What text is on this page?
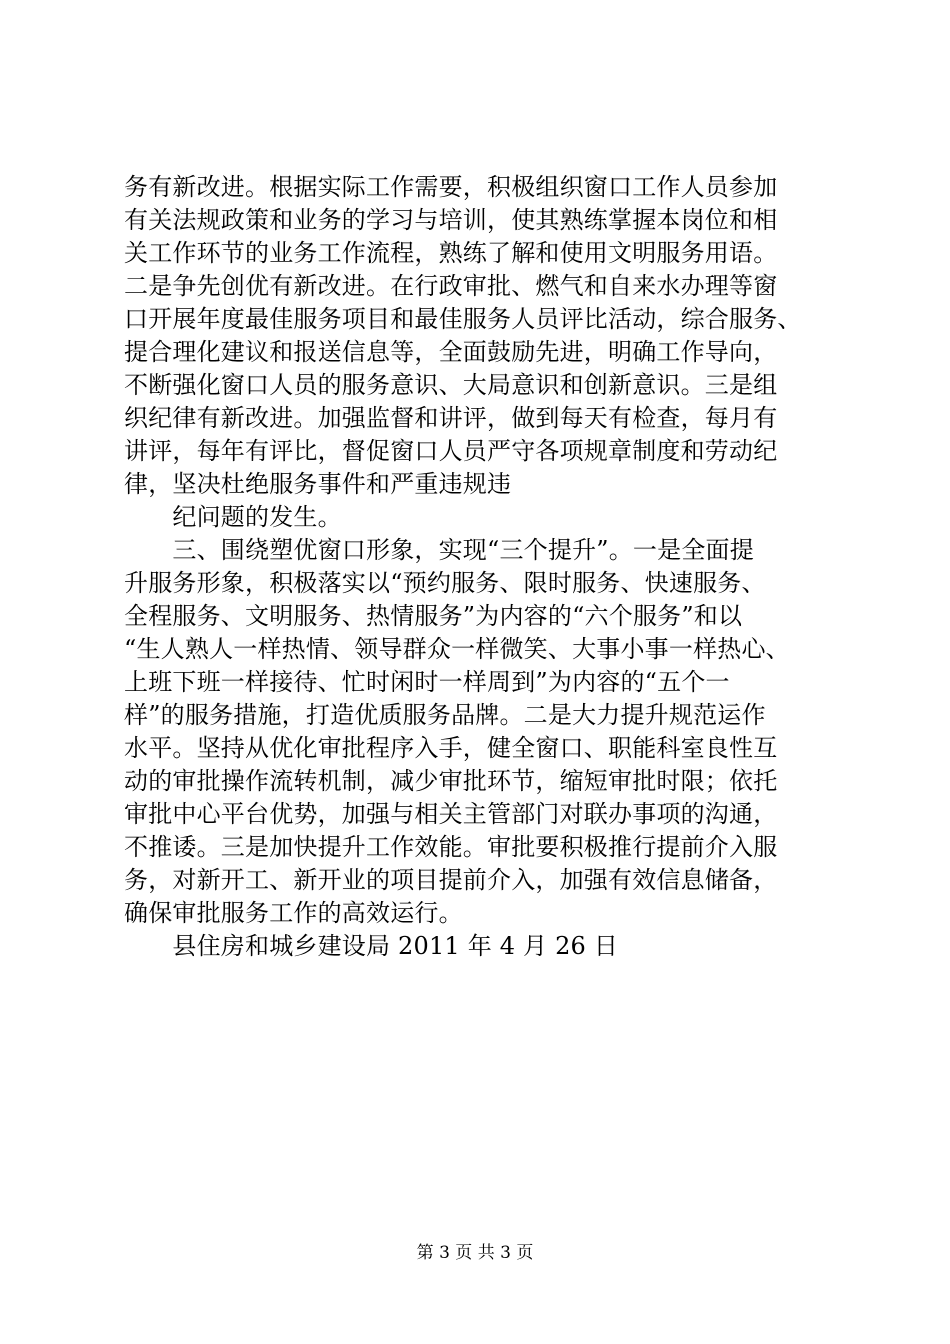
务有新改进。根据实际工作需要，积极组织窗口工作人员参加
有关法规政策和业务的学习与培训，使其熟练掌握本岗位和相
关工作环节的业务工作流程，熟练了解和使用文明服务用语。
二是争先创优有新改进。在行政审批、燃气和自来水办理等窗
口开展年度最佳服务项目和最佳服务人员评比活动，综合服务、
提合理化建议和报送信息等，全面鼓励先进，明确工作导向，
不断强化窗口人员的服务意识、大局意识和创新意识。三是组
织纪律有新改进。加强监督和讲评，做到每天有检查，每月有
讲评，每年有评比，督促窗口人员严守各项规章制度和劳动纪
律，坚决杜绝服务事件和严重违规违
　　纪问题的发生。
　　三、围绕塑优窗口形象，实现“三个提升”。一是全面提
升服务形象，积极落实以“预约服务、限时服务、快速服务、
全程服务、文明服务、热情服务”为内容的“六个服务”和以
“生人熟人一样热情、领导群众一样微笑、大事小事一样热心、
上班下班一样接待、忙时闲时一样周到”为内容的“五个一
样”的服务措施，打造优质服务品牌。二是大力提升规范运作
水平。坚持从优化审批程序入手，健全窗口、职能科室良性互
动的审批操作流转机制，减少审批环节，缩短审批时限；依托
审批中心平台优势，加强与相关主管部门对联办事项的沟通，
不推诿。三是加快提升工作效能。审批要积极推行提前介入服
务，对新开工、新开业的项目提前介入，加强有效信息储备，
确保审批服务工作的高效运行。
　　县住房和城乡建设局 2011 年 4 月 26 日
第 3 页 共 3 页
